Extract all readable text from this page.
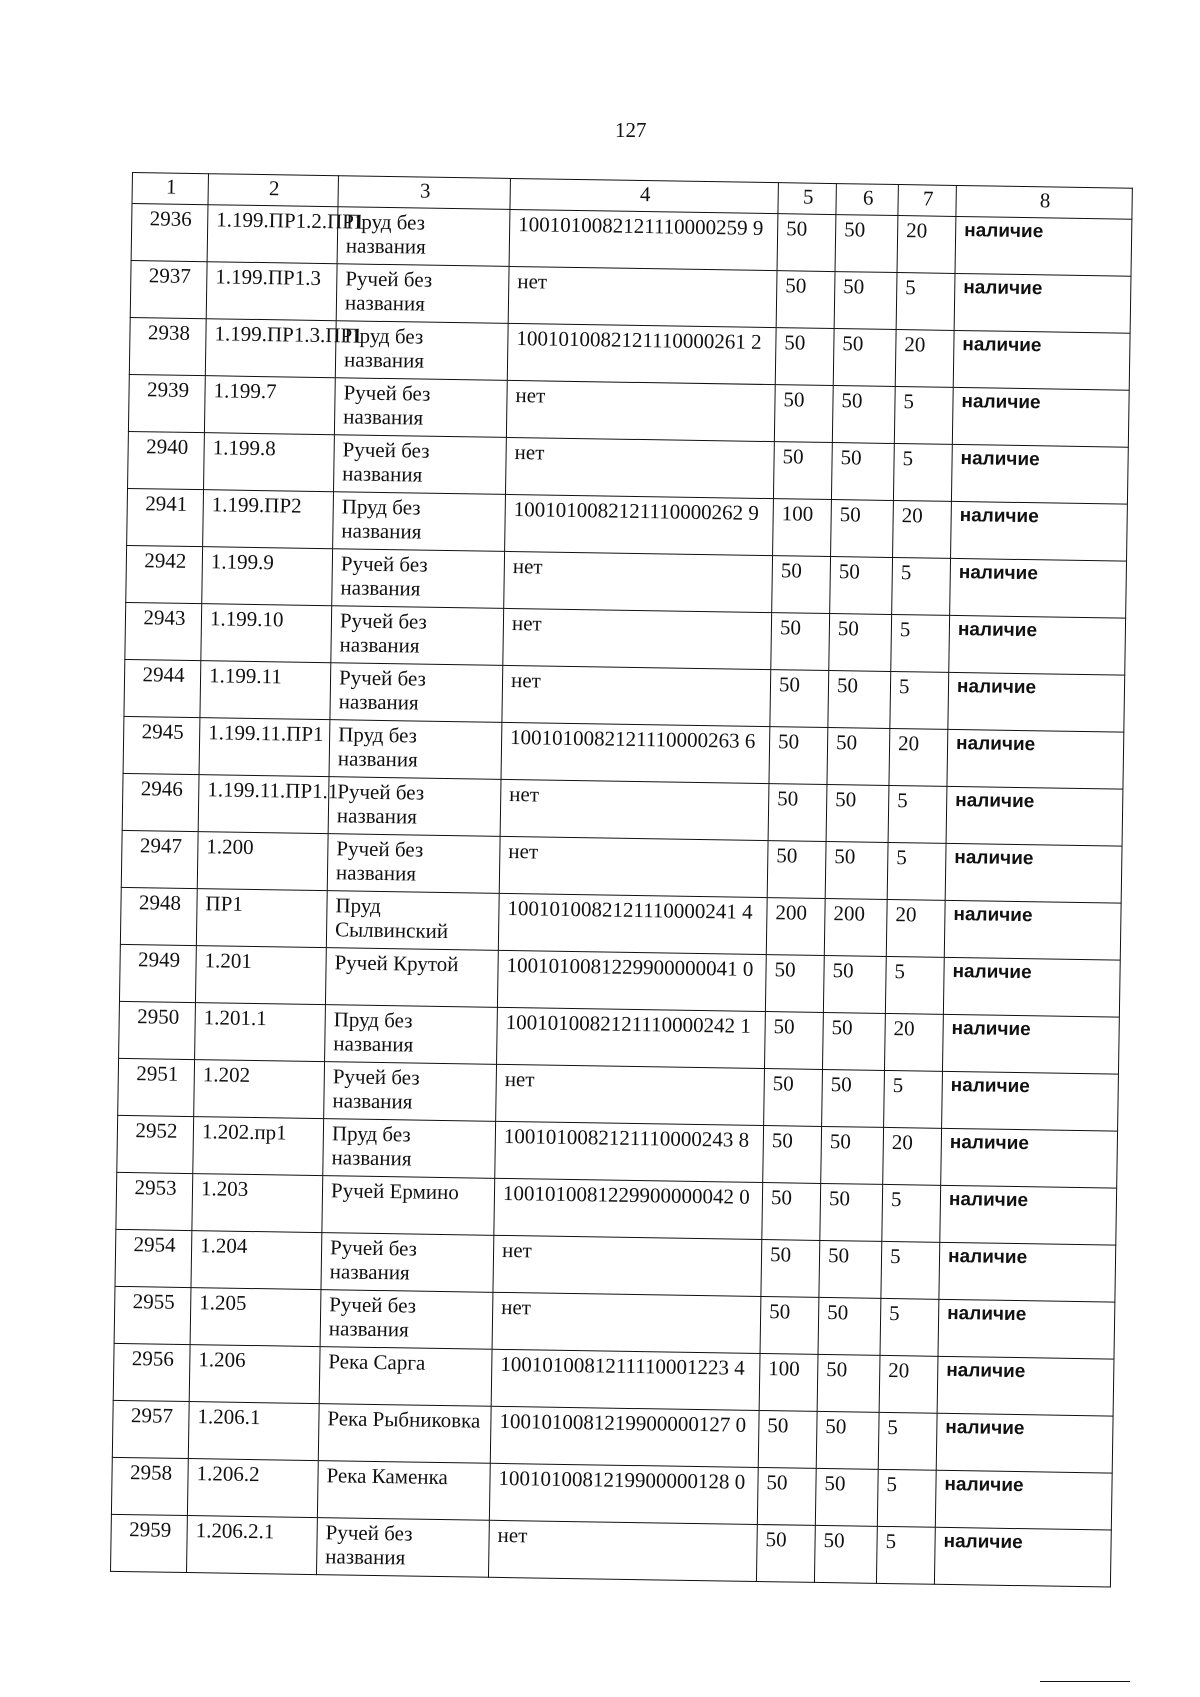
127
1	2	3	4	5	6	7	8
2936	1.199.ПР1.2.ПР1	Пруд без названия	1001010082121110000259 9	50	50	20	наличие
2937	1.199.ПР1.3	Ручей без названия	нет	50	50	5	наличие
2938	1.199.ПР1.3.ПР1	Пруд без названия	1001010082121110000261 2	50	50	20	наличие
2939	1.199.7	Ручей без названия	нет	50	50	5	наличие
2940	1.199.8	Ручей без названия	нет	50	50	5	наличие
2941	1.199.ПР2	Пруд без названия	1001010082121110000262 9	100	50	20	наличие
2942	1.199.9	Ручей без названия	нет	50	50	5	наличие
2943	1.199.10	Ручей без названия	нет	50	50	5	наличие
2944	1.199.11	Ручей без названия	нет	50	50	5	наличие
2945	1.199.11.ПР1	Пруд без названия	1001010082121110000263 6	50	50	20	наличие
2946	1.199.11.ПР1.1	Ручей без названия	нет	50	50	5	наличие
2947	1.200	Ручей без названия	нет	50	50	5	наличие
2948	ПР1	Пруд Сылвинский	1001010082121110000241 4	200	200	20	наличие
2949	1.201	Ручей Крутой	1001010081229900000041 0	50	50	5	наличие
2950	1.201.1	Пруд без названия	1001010082121110000242 1	50	50	20	наличие
2951	1.202	Ручей без названия	нет	50	50	5	наличие
2952	1.202.пр1	Пруд без названия	1001010082121110000243 8	50	50	20	наличие
2953	1.203	Ручей Ермино	1001010081229900000042 0	50	50	5	наличие
2954	1.204	Ручей без названия	нет	50	50	5	наличие
2955	1.205	Ручей без названия	нет	50	50	5	наличие
2956	1.206	Река Сарга	1001010081211110001223 4	100	50	20	наличие
2957	1.206.1	Река Рыбниковка	1001010081219900000127 0	50	50	5	наличие
2958	1.206.2	Река Каменка	1001010081219900000128 0	50	50	5	наличие
2959	1.206.2.1	Ручей без названия	нет	50	50	5	наличие
